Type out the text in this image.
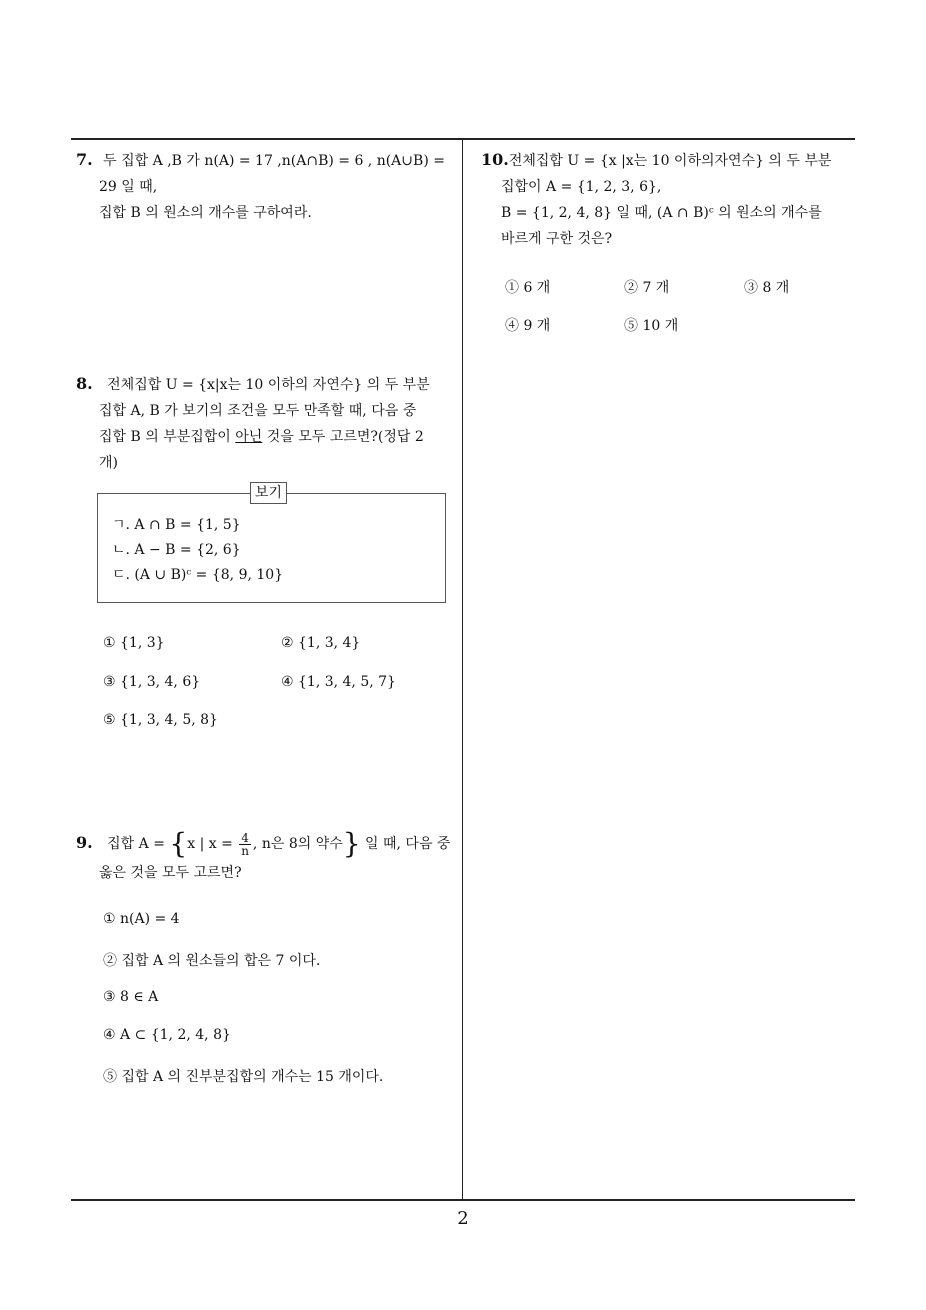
7. 두 집합 A ,B 가 n(A) = 17 ,n(A∩B) = 6 , n(A∪B) =
29 일 때,
집합 B 의 원소의 개수를 구하여라.
8. 전체집합 U = {x|x는 10 이하의 자연수} 의 두 부분
집합 A, B 가 보기의 조건을 모두 만족할 때, 다음 중
집합 B 의 부분집합이 아닌 것을 모두 고르면?(정답 2
개)
보기
ㄱ. A ∩ B = {1, 5}
ㄴ. A − B = {2, 6}
ㄷ. (A ∪ B)ᶜ = {8, 9, 10}
① {1, 3}	② {1, 3, 4}
③ {1, 3, 4, 6}	④ {1, 3, 4, 5, 7}
⑤ {1, 3, 4, 5, 8}
9. 집합 A = {x | $x = \frac{4}{n}$ , n은 8의 약수} 일 때, 다음 중
옳은 것을 모두 고르면?
① n(A) = 4
② 집합 A 의 원소들의 합은 7 이다.
③ 8 ∈ A
④ A ⊂ {1, 2, 4, 8}
⑤ 집합 A 의 진부분집합의 개수는 15 개이다.
10.전체집합 U = {x |x는 10 이하의자연수} 의 두 부분
집합이 A = {1, 2, 3, 6},
B = {1, 2, 4, 8} 일 때, (A ∩ B)ᶜ 의 원소의 개수를
바르게 구한 것은?
① 6 개	② 7 개	③ 8 개
④ 9 개	⑤ 10 개
2
